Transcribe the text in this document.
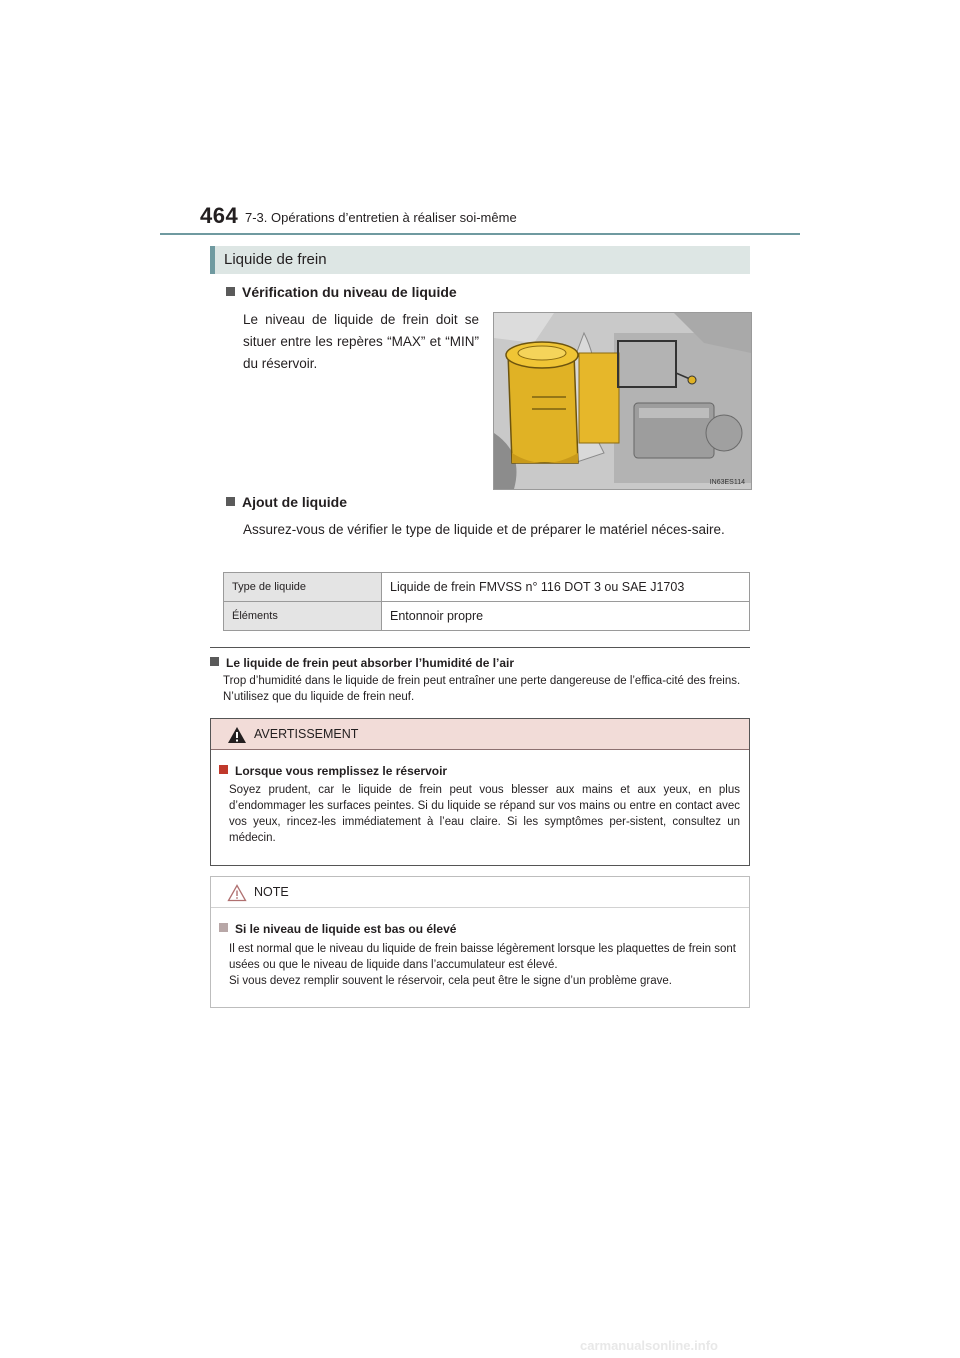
464 7-3. Opérations d’entretien à réaliser soi-même
Liquide de frein
Vérification du niveau de liquide
Le niveau de liquide de frein doit se situer entre les repères “MAX” et “MIN” du réservoir.
IN63ES114
Ajout de liquide
Assurez-vous de vérifier le type de liquide et de préparer le matériel néces-saire.
Type de liquide	Liquide de frein FMVSS n° 116 DOT 3 ou SAE J1703
Éléments	Entonnoir propre
Le liquide de frein peut absorber l’humidité de l’air
Trop d’humidité dans le liquide de frein peut entraîner une perte dangereuse de l’effica-cité des freins. N’utilisez que du liquide de frein neuf.
AVERTISSEMENT
Lorsque vous remplissez le réservoir
Soyez prudent, car le liquide de frein peut vous blesser aux mains et aux yeux, en plus d’endommager les surfaces peintes. Si du liquide se répand sur vos mains ou entre en contact avec vos yeux, rincez-les immédiatement à l’eau claire. Si les symptômes per-sistent, consultez un médecin.
NOTE
Si le niveau de liquide est bas ou élevé
Il est normal que le niveau du liquide de frein baisse légèrement lorsque les plaquettes de frein sont usées ou que le niveau de liquide dans l’accumulateur est élevé.
Si vous devez remplir souvent le réservoir, cela peut être le signe d’un problème grave.
carmanualsonline.info
